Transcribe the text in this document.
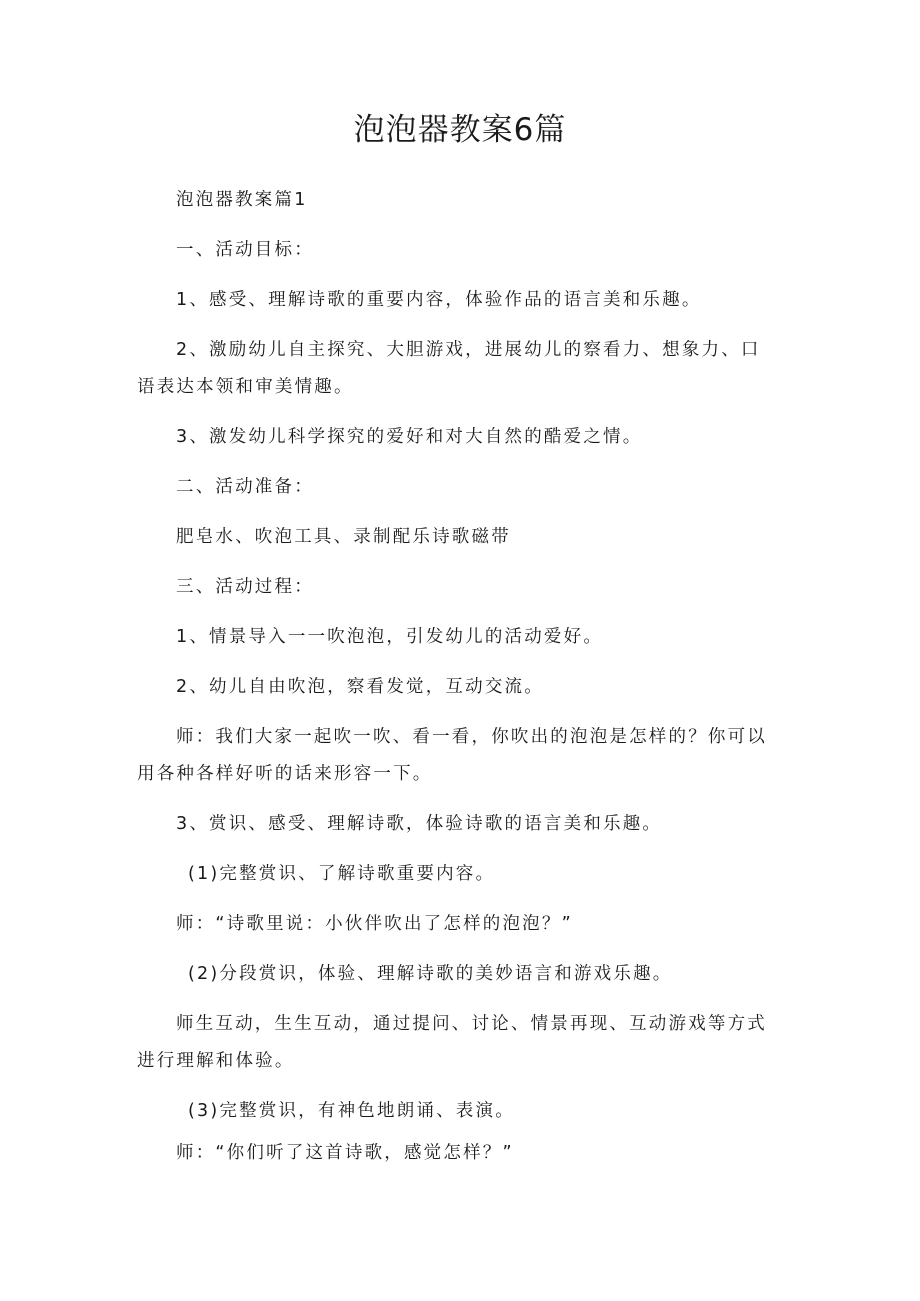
泡泡器教案6篇

泡泡器教案篇1

一、活动目标：

1、感受、理解诗歌的重要内容，体验作品的语言美和乐趣。

2、激励幼儿自主探究、大胆游戏，进展幼儿的察看力、想象力、口

语表达本领和审美情趣。

3、激发幼儿科学探究的爱好和对大自然的酷爱之情。

二、活动准备：

肥皂水、吹泡工具、录制配乐诗歌磁带

三、活动过程：

1、情景导入一一吹泡泡，引发幼儿的活动爱好。

2、幼儿自由吹泡，察看发觉，互动交流。

师：我们大家一起吹一吹、看一看，你吹出的泡泡是怎样的？你可以

用各种各样好听的话来形容一下。

3、赏识、感受、理解诗歌，体验诗歌的语言美和乐趣。

(1)完整赏识、了解诗歌重要内容。

师：“诗歌里说：小伙伴吹出了怎样的泡泡？”

(2)分段赏识，体验、理解诗歌的美妙语言和游戏乐趣。

师生互动，生生互动，通过提问、讨论、情景再现、互动游戏等方式

进行理解和体验。

(3)完整赏识，有神色地朗诵、表演。

师：“你们听了这首诗歌，感觉怎样？”
